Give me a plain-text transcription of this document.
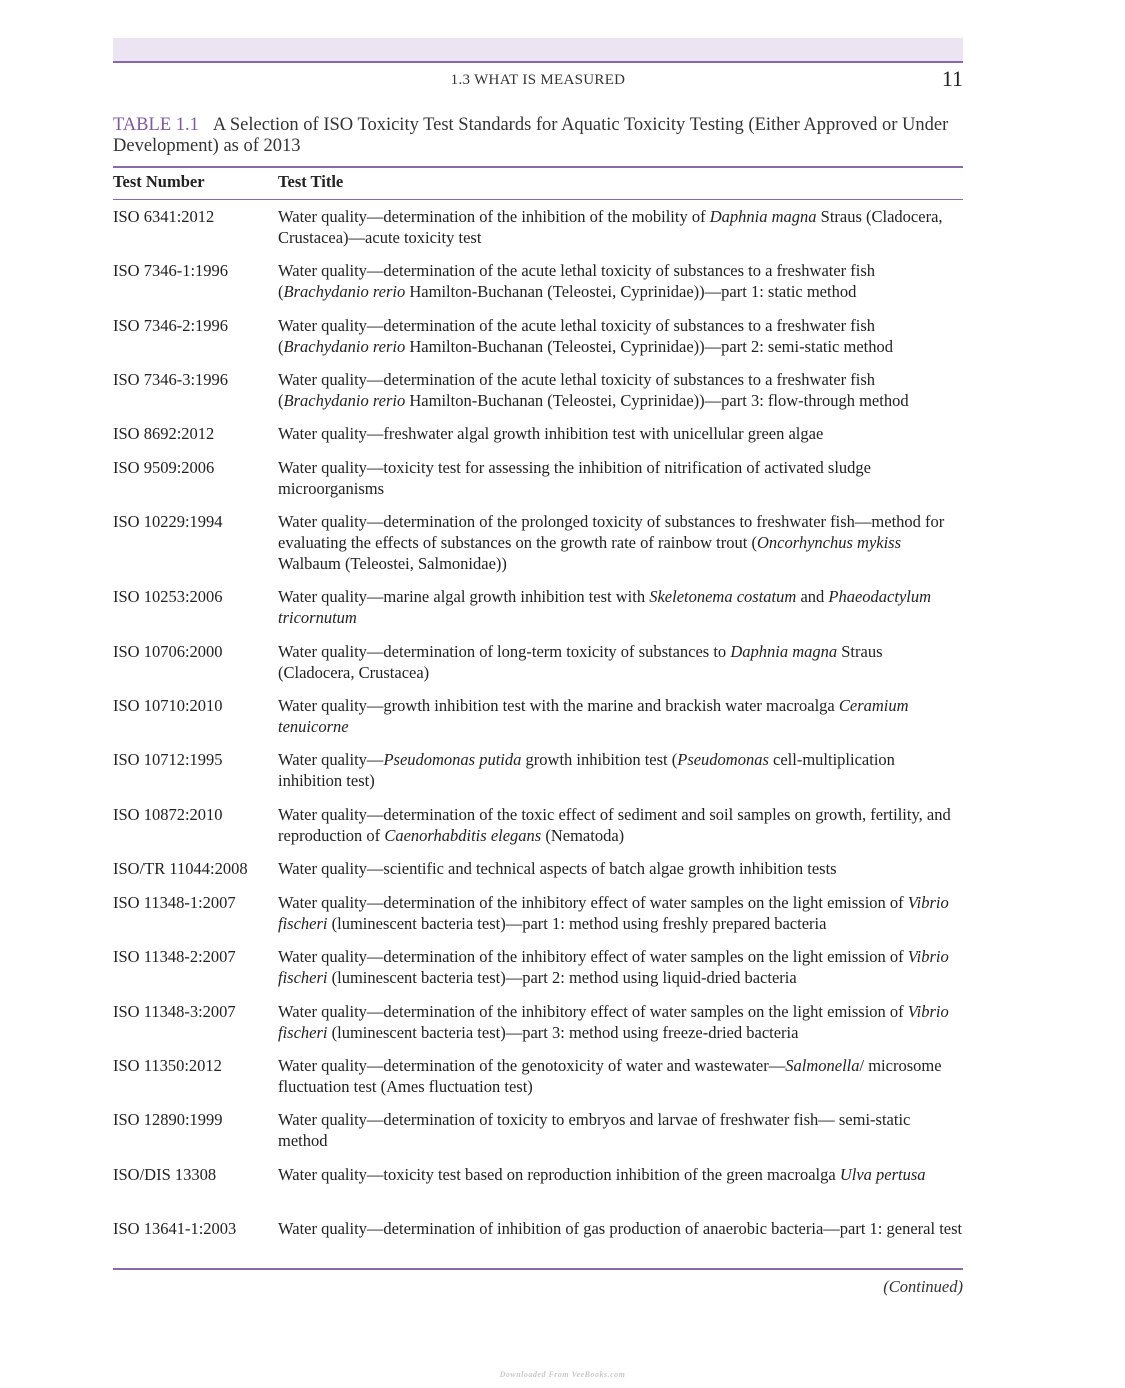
1.3 WHAT IS MEASURED	11
TABLE 1.1 A Selection of ISO Toxicity Test Standards for Aquatic Toxicity Testing (Either Approved or Under Development) as of 2013
Test Number	Test Title
ISO 6341:2012	Water quality—determination of the inhibition of the mobility of Daphnia magna Straus (Cladocera, Crustacea)—acute toxicity test
ISO 7346-1:1996	Water quality—determination of the acute lethal toxicity of substances to a freshwater fish (Brachydanio rerio Hamilton-Buchanan (Teleostei, Cyprinidae))—part 1: static method
ISO 7346-2:1996	Water quality—determination of the acute lethal toxicity of substances to a freshwater fish (Brachydanio rerio Hamilton-Buchanan (Teleostei, Cyprinidae))—part 2: semi-static method
ISO 7346-3:1996	Water quality—determination of the acute lethal toxicity of substances to a freshwater fish (Brachydanio rerio Hamilton-Buchanan (Teleostei, Cyprinidae))—part 3: flow-through method
ISO 8692:2012	Water quality—freshwater algal growth inhibition test with unicellular green algae
ISO 9509:2006	Water quality—toxicity test for assessing the inhibition of nitrification of activated sludge microorganisms
ISO 10229:1994	Water quality—determination of the prolonged toxicity of substances to freshwater fish—method for evaluating the effects of substances on the growth rate of rainbow trout (Oncorhynchus mykiss Walbaum (Teleostei, Salmonidae))
ISO 10253:2006	Water quality—marine algal growth inhibition test with Skeletonema costatum and Phaeodactylum tricornutum
ISO 10706:2000	Water quality—determination of long-term toxicity of substances to Daphnia magna Straus (Cladocera, Crustacea)
ISO 10710:2010	Water quality—growth inhibition test with the marine and brackish water macroalga Ceramium tenuicorne
ISO 10712:1995	Water quality—Pseudomonas putida growth inhibition test (Pseudomonas cell-multiplication inhibition test)
ISO 10872:2010	Water quality—determination of the toxic effect of sediment and soil samples on growth, fertility, and reproduction of Caenorhabditis elegans (Nematoda)
ISO/TR 11044:2008	Water quality—scientific and technical aspects of batch algae growth inhibition tests
ISO 11348-1:2007	Water quality—determination of the inhibitory effect of water samples on the light emission of Vibrio fischeri (luminescent bacteria test)—part 1: method using freshly prepared bacteria
ISO 11348-2:2007	Water quality—determination of the inhibitory effect of water samples on the light emission of Vibrio fischeri (luminescent bacteria test)—part 2: method using liquid-dried bacteria
ISO 11348-3:2007	Water quality—determination of the inhibitory effect of water samples on the light emission of Vibrio fischeri (luminescent bacteria test)—part 3: method using freeze-dried bacteria
ISO 11350:2012	Water quality—determination of the genotoxicity of water and wastewater—Salmonella/ microsome fluctuation test (Ames fluctuation test)
ISO 12890:1999	Water quality—determination of toxicity to embryos and larvae of freshwater fish— semi-static method
ISO/DIS 13308	Water quality—toxicity test based on reproduction inhibition of the green macroalga Ulva pertusa
ISO 13641-1:2003	Water quality—determination of inhibition of gas production of anaerobic bacteria—part 1: general test
(Continued)
Downloaded From VeeBooks.com
